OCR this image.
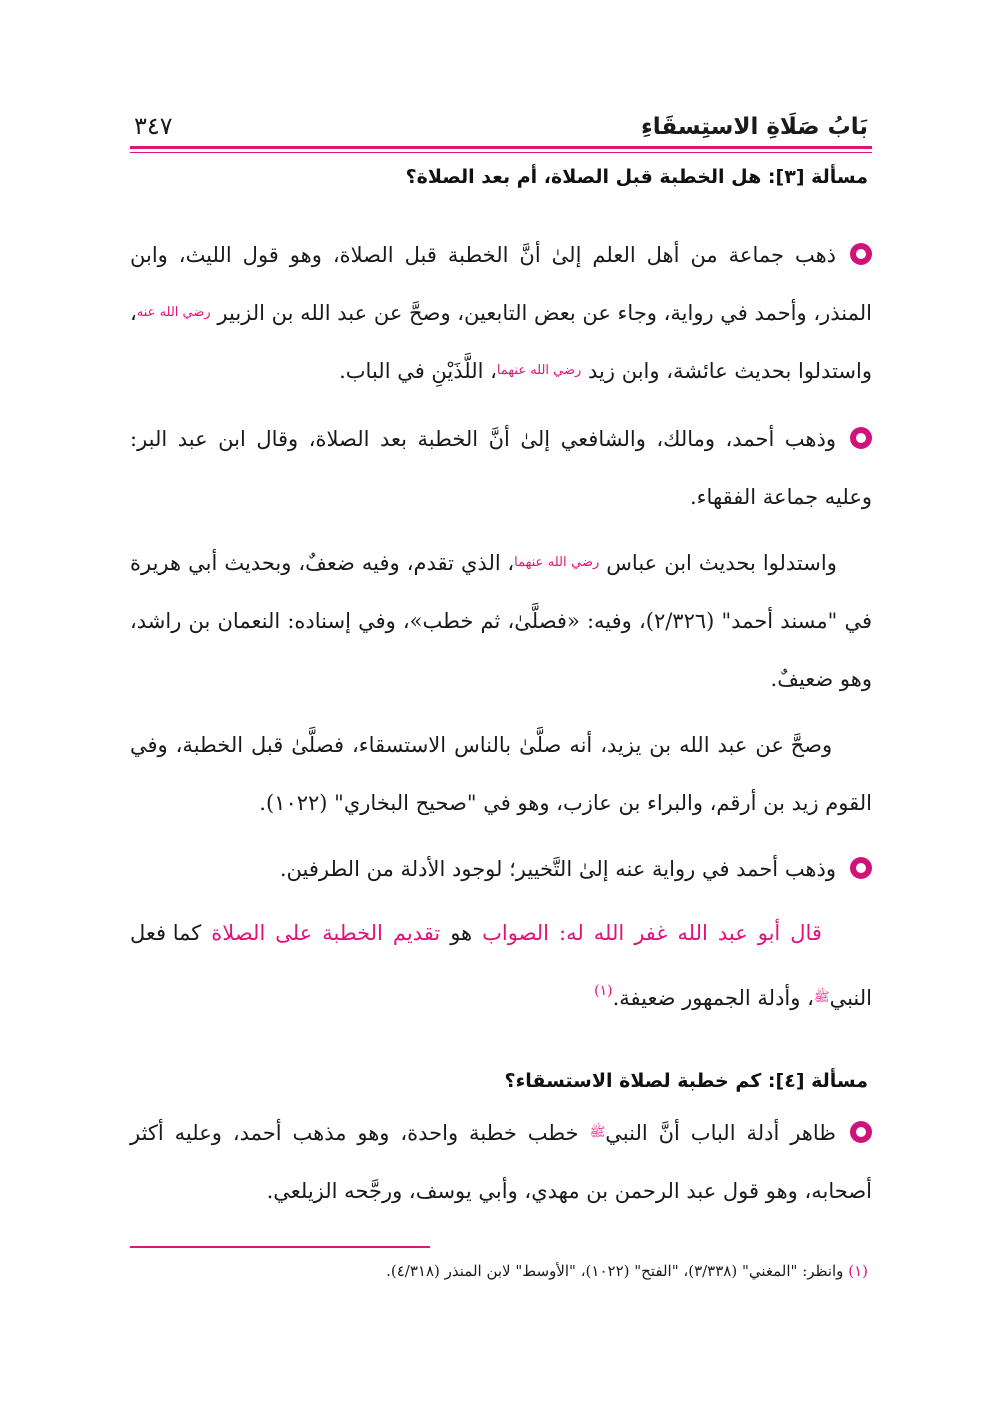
بَابُ صَلَاةِ الاستِسقَاءِ
٣٤٧
مسألة [٣]: هل الخطبة قبل الصلاة، أم بعد الصلاة؟

ذهب جماعة من أهل العلم إلىٰ أنَّ الخطبة قبل الصلاة، وهو قول الليث، وابن المنذر، وأحمد في رواية، وجاء عن بعض التابعين، وصحَّ عن عبد الله بن الزبير رضي الله عنه، واستدلوا بحديث عائشة، وابن زيد رضي الله عنهما، اللَّذَيْنِ في الباب.

وذهب أحمد، ومالك، والشافعي إلىٰ أنَّ الخطبة بعد الصلاة، وقال ابن عبد البر: وعليه جماعة الفقهاء.

واستدلوا بحديث ابن عباس رضي الله عنهما، الذي تقدم، وفيه ضعفٌ، وبحديث أبي هريرة في "مسند أحمد" (٢/٣٢٦)، وفيه: «فصلَّىٰ، ثم خطب»، وفي إسناده: النعمان بن راشد، وهو ضعيفٌ.

وصحَّ عن عبد الله بن يزيد، أنه صلَّىٰ بالناس الاستسقاء، فصلَّىٰ قبل الخطبة، وفي القوم زيد بن أرقم، والبراء بن عازب، وهو في "صحيح البخاري" (١٠٢٢).

وذهب أحمد في رواية عنه إلىٰ التَّخيير؛ لوجود الأدلة من الطرفين.

قال أبو عبد الله غفر الله له: الصواب هو تقديم الخطبة على الصلاة كما فعل النبيﷺ، وأدلة الجمهور ضعيفة.$^{(١)}$

مسألة [٤]: كم خطبة لصلاة الاستسقاء؟

ظاهر أدلة الباب أنَّ النبيﷺ خطب خطبة واحدة، وهو مذهب أحمد، وعليه أكثر أصحابه، وهو قول عبد الرحمن بن مهدي، وأبي يوسف، ورجَّحه الزيلعي.

(١) وانظر: "المغني" (٣/٣٣٨)، "الفتح" (١٠٢٢)، "الأوسط" لابن المنذر (٤/٣١٨).
